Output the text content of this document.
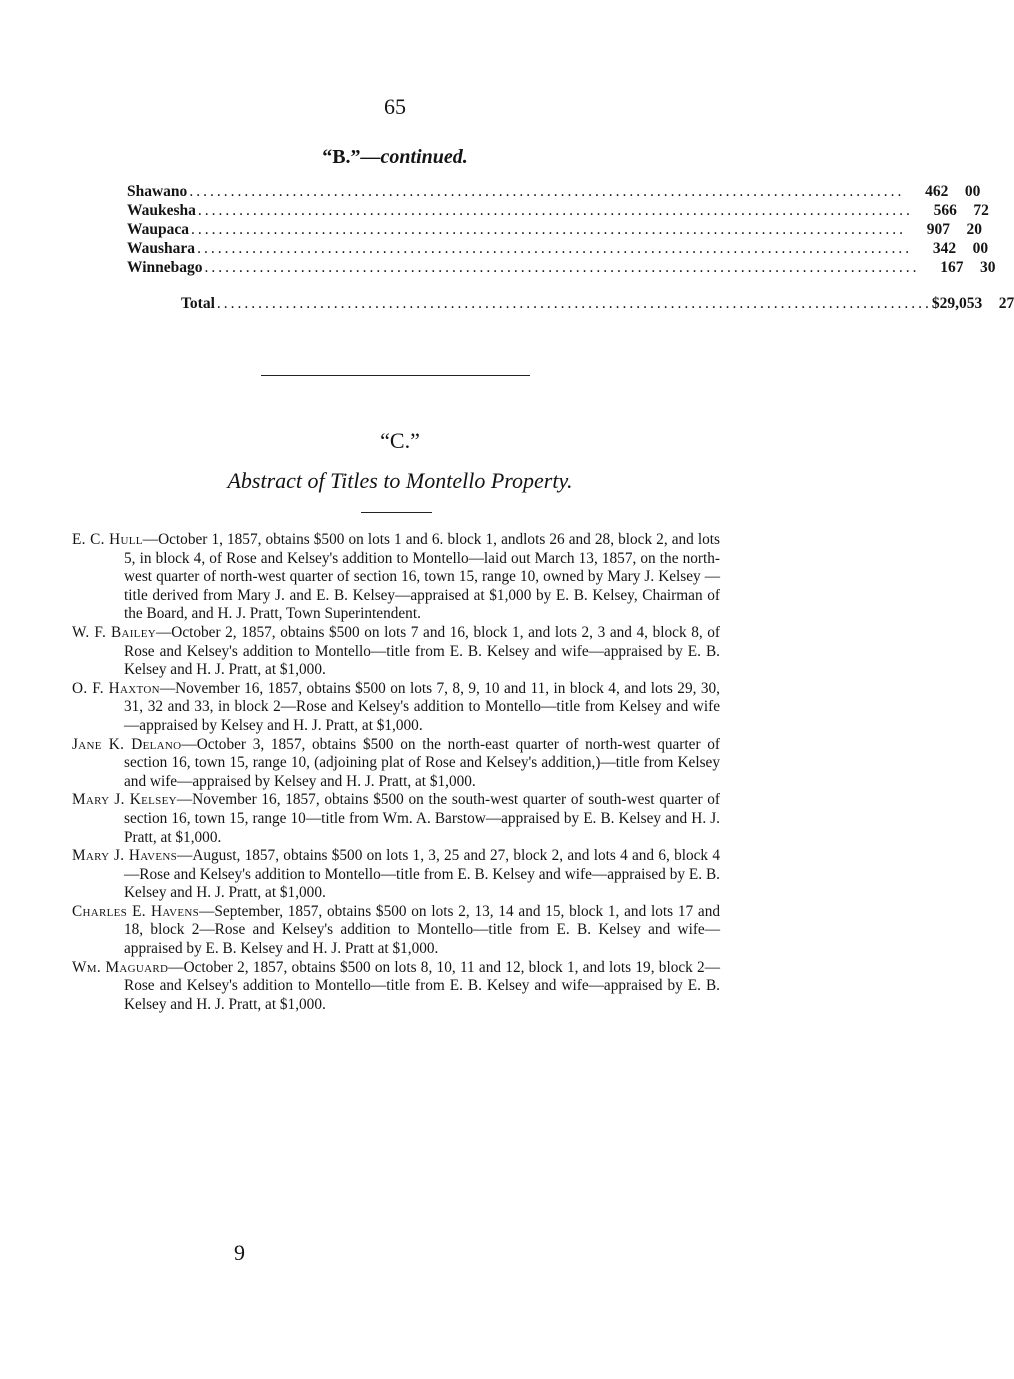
65
“B.”—continued.
Shawano ........................................................................................................	462	00
Waukesha ........................................................................................................	566	72
Waupaca ........................................................................................................	907	20
Waushara ........................................................................................................	342	00
Winnebago ........................................................................................................	167	30
Total ........................................................................................................ $29,053	27
“C.”
Abstract of Titles to Montello Property.

E. C. Hull—October 1, 1857, obtains $500 on lots 1 and 6. block 1, andlots 26 and 28, block 2, and lots 5, in block 4, of Rose and Kelsey's addition to Montello—laid out March 13, 1857, on the north-west quarter of north-west quarter of section 16, town 15, range 10, owned by Mary J. Kelsey —title derived from Mary J. and E. B. Kelsey—appraised at $1,000 by E. B. Kelsey, Chairman of the Board, and H. J. Pratt, Town Superintendent.

W. F. Bailey—October 2, 1857, obtains $500 on lots 7 and 16, block 1, and lots 2, 3 and 4, block 8, of Rose and Kelsey's addition to Montello—title from E. B. Kelsey and wife—appraised by E. B. Kelsey and H. J. Pratt, at $1,000.

O. F. Haxton—November 16, 1857, obtains $500 on lots 7, 8, 9, 10 and 11, in block 4, and lots 29, 30, 31, 32 and 33, in block 2—Rose and Kelsey's addition to Montello—title from Kelsey and wife—appraised by Kelsey and H. J. Pratt, at $1,000.

Jane K. Delano—October 3, 1857, obtains $500 on the north-east quarter of north-west quarter of section 16, town 15, range 10, (adjoining plat of Rose and Kelsey's addition,)—title from Kelsey and wife—appraised by Kelsey and H. J. Pratt, at $1,000.

Mary J. Kelsey—November 16, 1857, obtains $500 on the south-west quarter of south-west quarter of section 16, town 15, range 10—title from Wm. A. Barstow—appraised by E. B. Kelsey and H. J. Pratt, at $1,000.

Mary J. Havens—August, 1857, obtains $500 on lots 1, 3, 25 and 27, block 2, and lots 4 and 6, block 4—Rose and Kelsey's addition to Montello—title from E. B. Kelsey and wife—appraised by E. B. Kelsey and H. J. Pratt, at $1,000.

Charles E. Havens—September, 1857, obtains $500 on lots 2, 13, 14 and 15, block 1, and lots 17 and 18, block 2—Rose and Kelsey's addition to Montello—title from E. B. Kelsey and wife—appraised by E. B. Kelsey and H. J. Pratt at $1,000.

Wm. Maguard—October 2, 1857, obtains $500 on lots 8, 10, 11 and 12, block 1, and lots 19, block 2—Rose and Kelsey's addition to Montello—title from E. B. Kelsey and wife—appraised by E. B. Kelsey and H. J. Pratt, at $1,000.

9
